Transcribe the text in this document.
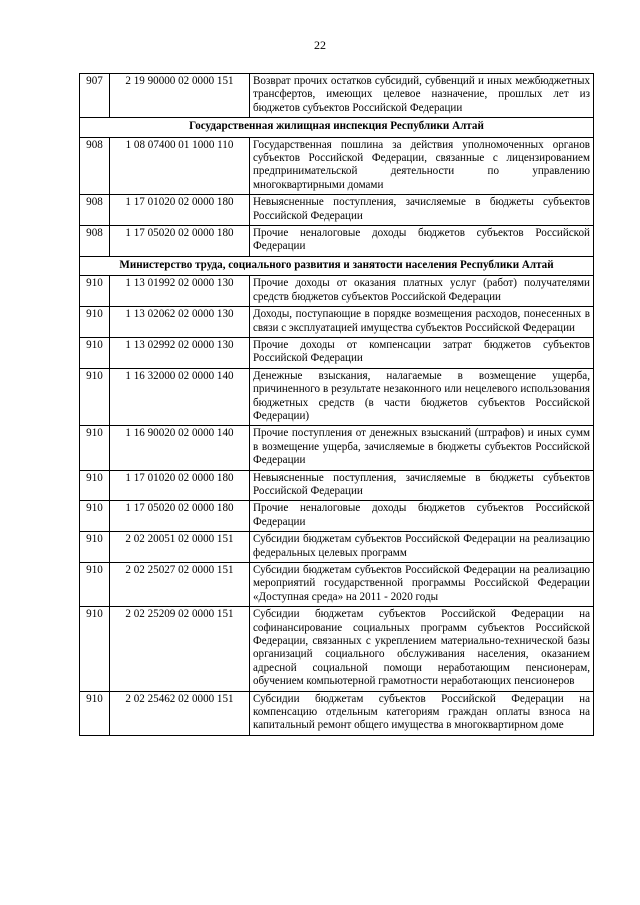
22
907	2 19 90000 02 0000 151	Возврат прочих остатков субсидий, субвенций и иных межбюджетных трансфертов, имеющих целевое назначение, прошлых лет из бюджетов субъектов Российской Федерации
Государственная жилищная инспекция Республики Алтай		
908	1 08 07400 01 1000 110	Государственная пошлина за действия уполномоченных органов субъектов Российской Федерации, связанные с лицензированием предпринимательской деятельности по управлению многоквартирными домами
908	1 17 01020 02 0000 180	Невыясненные поступления, зачисляемые в бюджеты субъектов Российской Федерации
908	1 17 05020 02 0000 180	Прочие неналоговые доходы бюджетов субъектов Российской Федерации
Министерство труда, социального развития и занятости населения Республики Алтай		
910	1 13 01992 02 0000 130	Прочие доходы от оказания платных услуг (работ) получателями средств бюджетов субъектов Российской Федерации
910	1 13 02062 02 0000 130	Доходы, поступающие в порядке возмещения расходов, понесенных в связи с эксплуатацией имущества субъектов Российской Федерации
910	1 13 02992 02 0000 130	Прочие доходы от компенсации затрат бюджетов субъектов Российской Федерации
910	1 16 32000 02 0000 140	Денежные взыскания, налагаемые в возмещение ущерба, причиненного в результате незаконного или нецелевого использования бюджетных средств (в части бюджетов субъектов Российской Федерации)
910	1 16 90020 02 0000 140	Прочие поступления от денежных взысканий (штрафов) и иных сумм в возмещение ущерба, зачисляемые в бюджеты субъектов Российской Федерации
910	1 17 01020 02 0000 180	Невыясненные поступления, зачисляемые в бюджеты субъектов Российской Федерации
910	1 17 05020 02 0000 180	Прочие неналоговые доходы бюджетов субъектов Российской Федерации
910	2 02 20051 02 0000 151	Субсидии бюджетам субъектов Российской Федерации на реализацию федеральных целевых программ
910	2 02 25027 02 0000 151	Субсидии бюджетам субъектов Российской Федерации на реализацию мероприятий государственной программы Российской Федерации «Доступная среда» на 2011 - 2020 годы
910	2 02 25209 02 0000 151	Субсидии бюджетам субъектов Российской Федерации на софинансирование социальных программ субъектов Российской Федерации, связанных с укреплением материально-технической базы организаций социального обслуживания населения, оказанием адресной социальной помощи неработающим пенсионерам, обучением компьютерной грамотности неработающих пенсионеров
910	2 02 25462 02 0000 151	Субсидии бюджетам субъектов Российской Федерации на компенсацию отдельным категориям граждан оплаты взноса на капитальный ремонт общего имущества в многоквартирном доме
